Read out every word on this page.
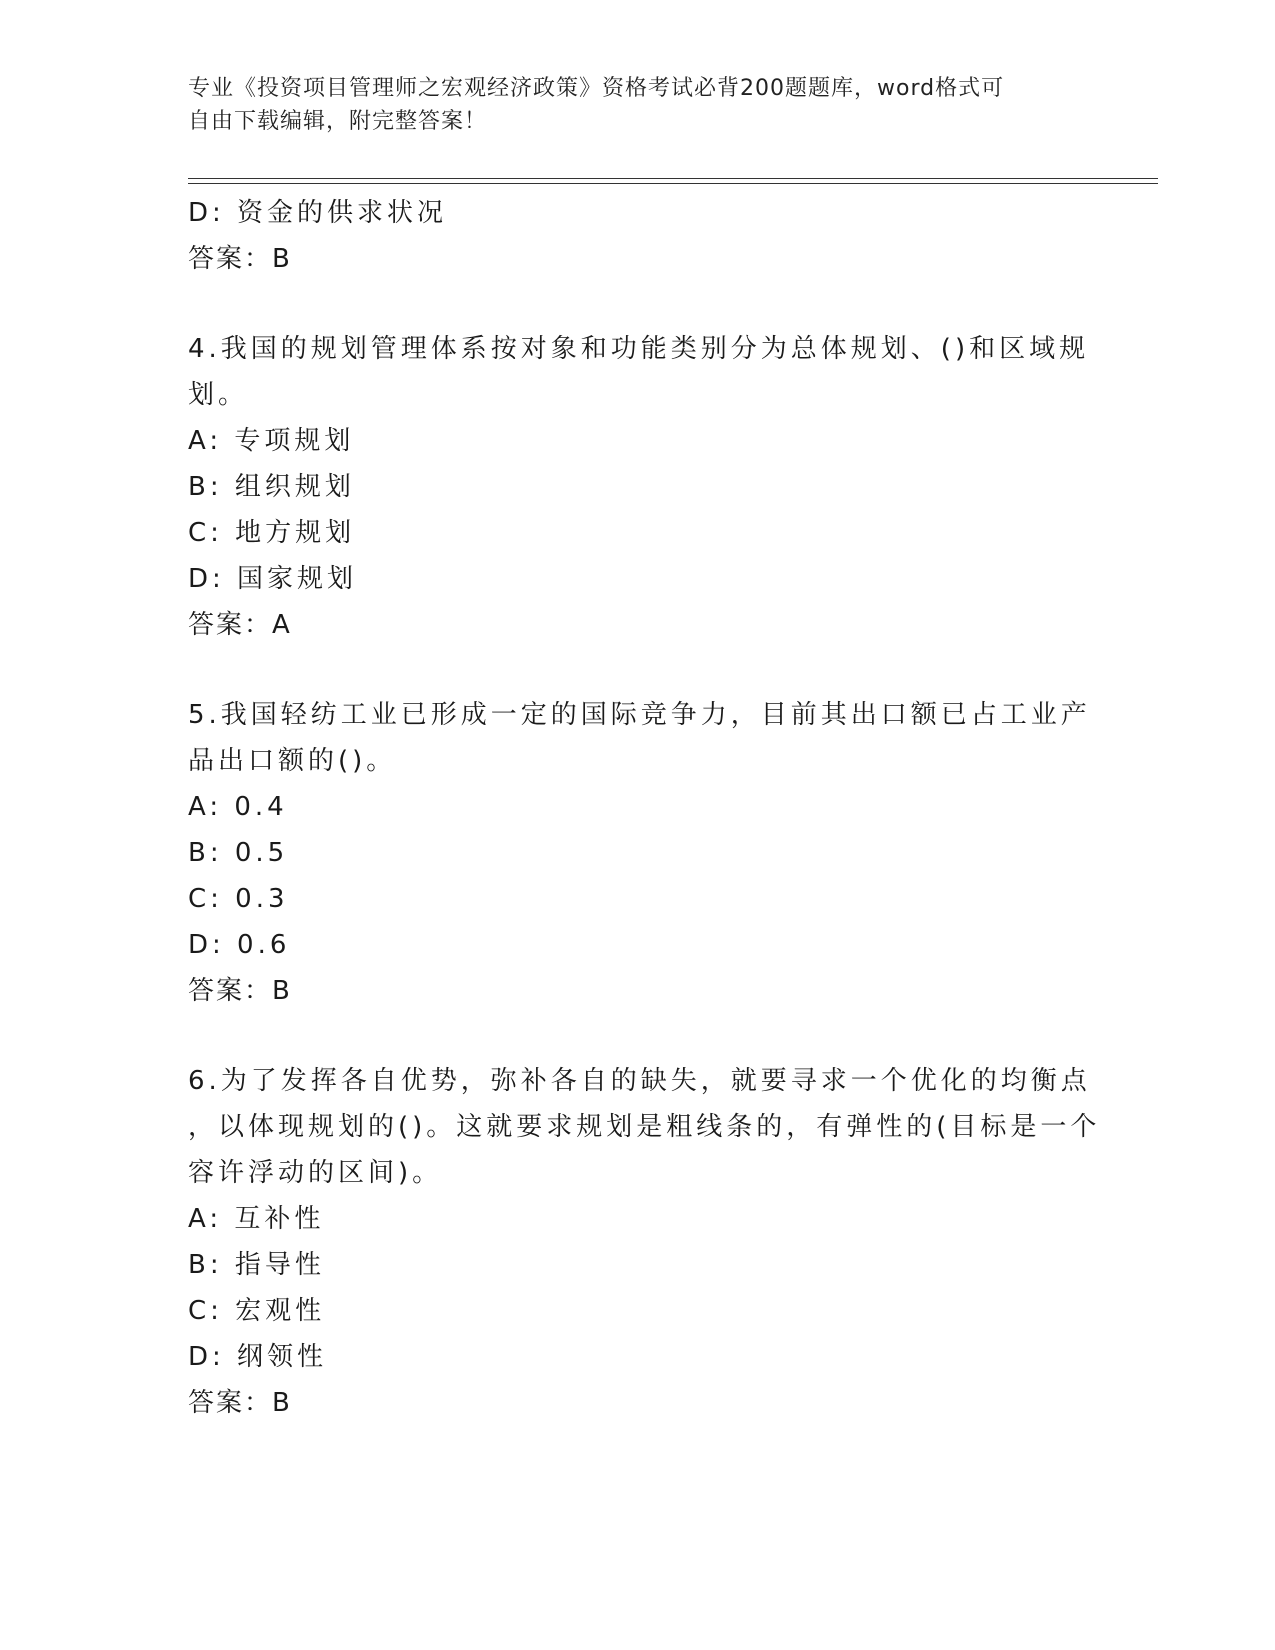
专业《投资项目管理师之宏观经济政策》资格考试必背200题题库，word格式可
自由下载编辑，附完整答案！
D: 资金的供求状况
答案：B
4.我国的规划管理体系按对象和功能类别分为总体规划、()和区域规
划。
A: 专项规划
B: 组织规划
C: 地方规划
D: 国家规划
答案：A
5.我国轻纺工业已形成一定的国际竞争力，目前其出口额已占工业产
品出口额的()。
A: 0.4
B: 0.5
C: 0.3
D: 0.6
答案：B
6.为了发挥各自优势，弥补各自的缺失，就要寻求一个优化的均衡点
，以体现规划的()。这就要求规划是粗线条的，有弹性的(目标是一个
容许浮动的区间)。
A: 互补性
B: 指导性
C: 宏观性
D: 纲领性
答案：B
